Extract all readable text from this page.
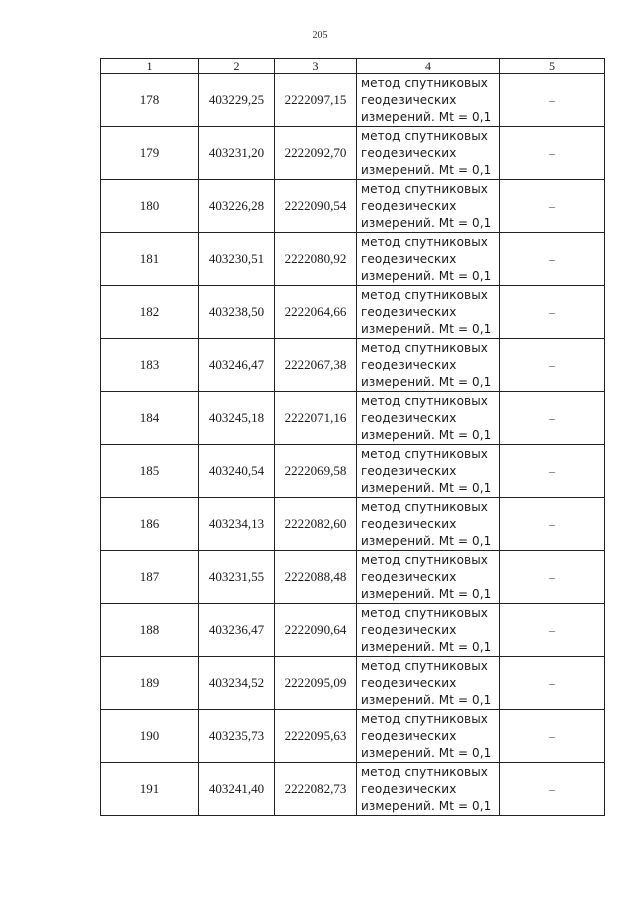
205
1	2	3	4	5
178	403229,25	2222097,15	метод спутниковых
геодезических
измерений. Mt = 0,1	–
179	403231,20	2222092,70	метод спутниковых
геодезических
измерений. Mt = 0,1	–
180	403226,28	2222090,54	метод спутниковых
геодезических
измерений. Mt = 0,1	–
181	403230,51	2222080,92	метод спутниковых
геодезических
измерений. Mt = 0,1	–
182	403238,50	2222064,66	метод спутниковых
геодезических
измерений. Mt = 0,1	–
183	403246,47	2222067,38	метод спутниковых
геодезических
измерений. Mt = 0,1	–
184	403245,18	2222071,16	метод спутниковых
геодезических
измерений. Mt = 0,1	–
185	403240,54	2222069,58	метод спутниковых
геодезических
измерений. Mt = 0,1	–
186	403234,13	2222082,60	метод спутниковых
геодезических
измерений. Mt = 0,1	–
187	403231,55	2222088,48	метод спутниковых
геодезических
измерений. Mt = 0,1	–
188	403236,47	2222090,64	метод спутниковых
геодезических
измерений. Mt = 0,1	–
189	403234,52	2222095,09	метод спутниковых
геодезических
измерений. Mt = 0,1	–
190	403235,73	2222095,63	метод спутниковых
геодезических
измерений. Mt = 0,1	–
191	403241,40	2222082,73	метод спутниковых
геодезических
измерений. Mt = 0,1	–
